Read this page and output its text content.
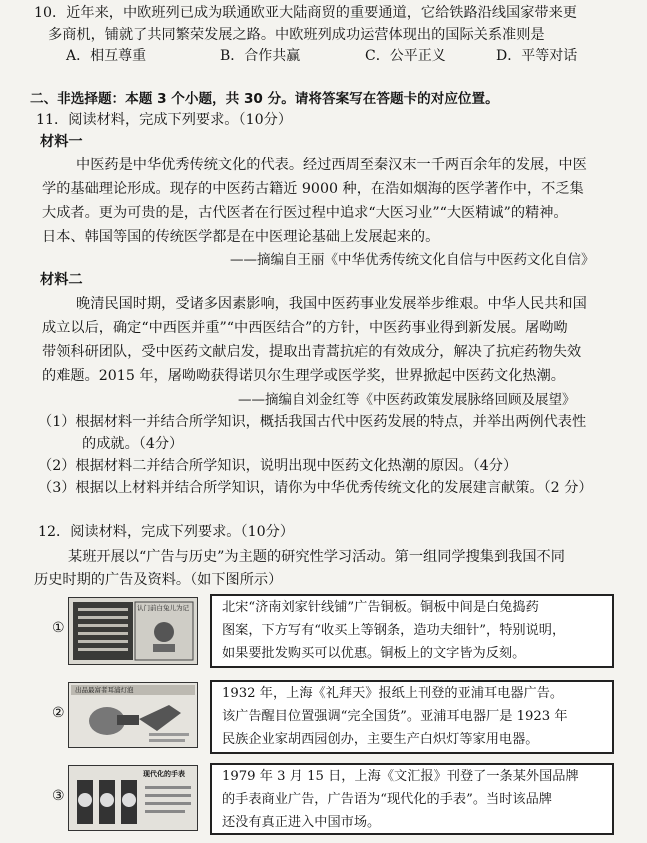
10．近年来，中欧班列已成为联通欧亚大陆商贸的重要通道，它给铁路沿线国家带来更
多商机，铺就了共同繁荣发展之路。中欧班列成功运营体现出的国际关系准则是
A．相互尊重	B．合作共赢	C．公平正义	D．平等对话
二、非选择题：本题 3 个小题，共 30 分。请将答案写在答题卡的对应位置。
11．阅读材料，完成下列要求。（10分）
材料一
中医药是中华优秀传统文化的代表。经过西周至秦汉末一千两百余年的发展，中医
学的基础理论形成。现存的中医药古籍近 9000 种，在浩如烟海的医学著作中，不乏集
大成者。更为可贵的是，古代医者在行医过程中追求“大医习业”“大医精诚”的精神。
日本、韩国等国的传统医学都是在中医理论基础上发展起来的。
——摘编自王丽《中华优秀传统文化自信与中医药文化自信》
材料二
晚清民国时期，受诸多因素影响，我国中医药事业发展举步维艰。中华人民共和国
成立以后，确定“中西医并重”“中西医结合”的方针，中医药事业得到新发展。屠呦呦
带领科研团队，受中医药文献启发，提取出青蒿抗疟的有效成分，解决了抗疟药物失效
的难题。2015 年，屠呦呦获得诺贝尔生理学或医学奖，世界掀起中医药文化热潮。
——摘编自刘金红等《中医药政策发展脉络回顾及展望》
（1）根据材料一并结合所学知识，概括我国古代中医药发展的特点，并举出两例代表性
的成就。（4分）
（2）根据材料二并结合所学知识，说明出现中医药文化热潮的原因。（4分）
（3）根据以上材料并结合所学知识，请你为中华优秀传统文化的发展建言献策。（2 分）
12．阅读材料，完成下列要求。（10分）
某班开展以“广告与历史”为主题的研究性学习活动。第一组同学搜集到我国不同
历史时期的广告及资料。（如下图所示）
①
认门前白兔儿为记	北宋“济南刘家针线铺”广告铜板。铜板中间是白兔捣药
图案，下方写有“收买上等钢条，造功夫细针”，特别说明，
如果要批发购买可以优惠。铜板上的文字皆为反刻。
②
出品最富者耳浦灯泡	1932 年，上海《礼拜天》报纸上刊登的亚浦耳电器广告。
该广告醒目位置强调“完全国货”。亚浦耳电器厂是 1923 年
民族企业家胡西园创办，主要生产白炽灯等家用电器。
③
现代化的手表	1979 年 3 月 15 日，上海《文汇报》刊登了一条某外国品牌
的手表商业广告，广告语为“现代化的手表”。当时该品牌
还没有真正进入中国市场。
